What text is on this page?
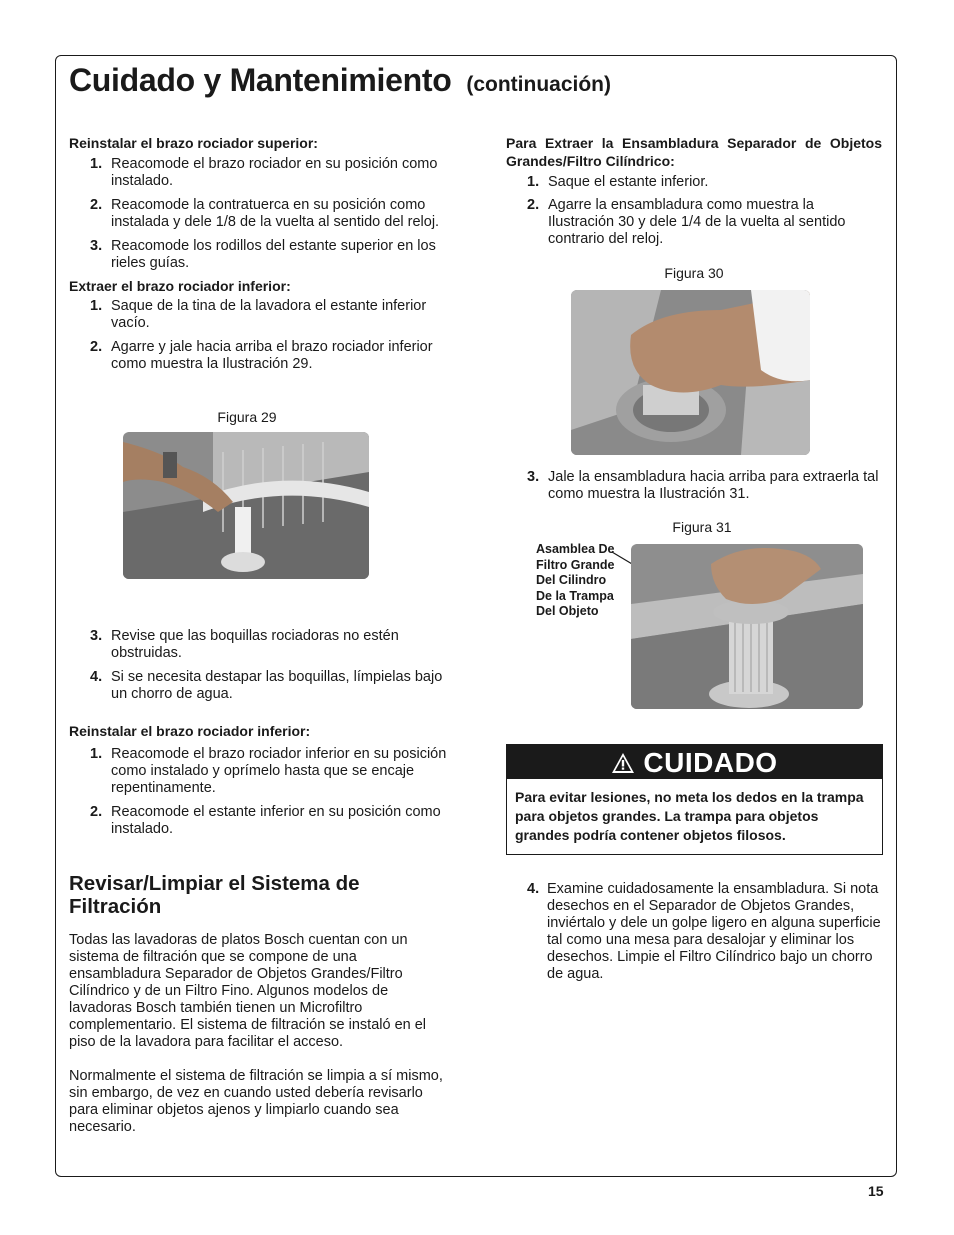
Cuidado y Mantenimiento (continuación)

Reinstalar el brazo rociador superior:

1. Reacomode el brazo rociador en su posición como instalado.
2. Reacomode la contratuerca en su posición como instalada y dele 1/8 de la vuelta al sentido del reloj.
3. Reacomode los rodillos del estante superior en los rieles guías.

Extraer el brazo rociador inferior:

1. Saque de la tina de la lavadora el estante inferior vacío.
2. Agarre y jale hacia arriba el brazo rociador inferior como muestra la Ilustración 29.

Figura 29

3. Revise que las boquillas rociadoras no estén obstruidas.
4. Si se necesita destapar las boquillas, límpielas bajo un chorro de agua.

Reinstalar el brazo rociador inferior:

1. Reacomode el brazo rociador inferior en su posición como instalado y oprímelo hasta que se encaje repentinamente.
2. Reacomode el estante inferior en su posición como instalado.
Revisar/Limpiar el Sistema de Filtración

Todas las lavadoras de platos Bosch cuentan con un sistema de filtración que se compone de una ensambladura Separador de Objetos Grandes/Filtro Cilíndrico y de un Filtro Fino. Algunos modelos de lavadoras Bosch también tienen un Microfiltro complementario. El sistema de filtración se instaló en el piso de la lavadora para facilitar el acceso.

Normalmente el sistema de filtración se limpia a sí mismo, sin embargo, de vez en cuando usted debería revisarlo para eliminar objetos ajenos y limpiarlo cuando sea necesario.

Para Extraer la Ensambladura Separador de Objetos Grandes/Filtro Cilíndrico:

1. Saque el estante inferior.
2. Agarre la ensambladura como muestra la Ilustración 30 y dele 1/4 de la vuelta al sentido contrario del reloj.

Figura 30

3. Jale la ensambladura hacia arriba para extraerla tal como muestra la Ilustración 31.

Figura 31

Asamblea De Filtro Grande Del Cilindro De la Trampa Del Objeto
CUIDADO
Para evitar lesiones, no meta los dedos en la trampa para objetos grandes. La trampa para objetos grandes podría contener objetos filosos.
4. Examine cuidadosamente la ensambladura. Si nota desechos en el Separador de Objetos Grandes, inviértalo y dele un golpe ligero en alguna superficie tal como una mesa para desalojar y eliminar los desechos. Limpie el Filtro Cilíndrico bajo un chorro de agua.
15
